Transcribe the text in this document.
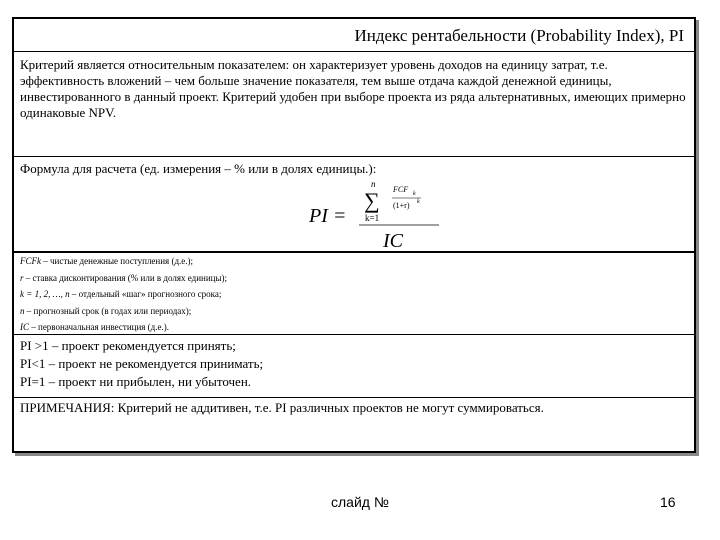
Индекс рентабельности (Probability Index), PI
Критерий является относительным показателем: он характеризует уровень доходов на единицу затрат, т.е. эффективность вложений – чем больше значение показателя, тем выше отдача каждой денежной единицы, инвестированного в данный проект. Критерий удобен при выборе проекта из ряда альтернативных, имеющих примерно одинаковые NPV.
Формула для расчета (ед. измерения – % или в долях единицы.):
PI =
n
∑
k=1
FCF k
(1+r) k
IC
FCFk – чистые денежные поступления (д.е.);
r – ставка дисконтирования (% или в долях единицы);
k = 1, 2, …, n – отдельный «шаг» прогнозного срока;
n – прогнозный срок (в годах или периодах);
IC – первоначальная инвестиция (д.е.).
PI >1 – проект рекомендуется принять;
PI<1 – проект не рекомендуется принимать;
PI=1 – проект ни прибылен, ни убыточен.
ПРИМЕЧАНИЯ: Критерий не аддитивен, т.е. PI различных проектов не могут суммироваться.
слайд №	16
